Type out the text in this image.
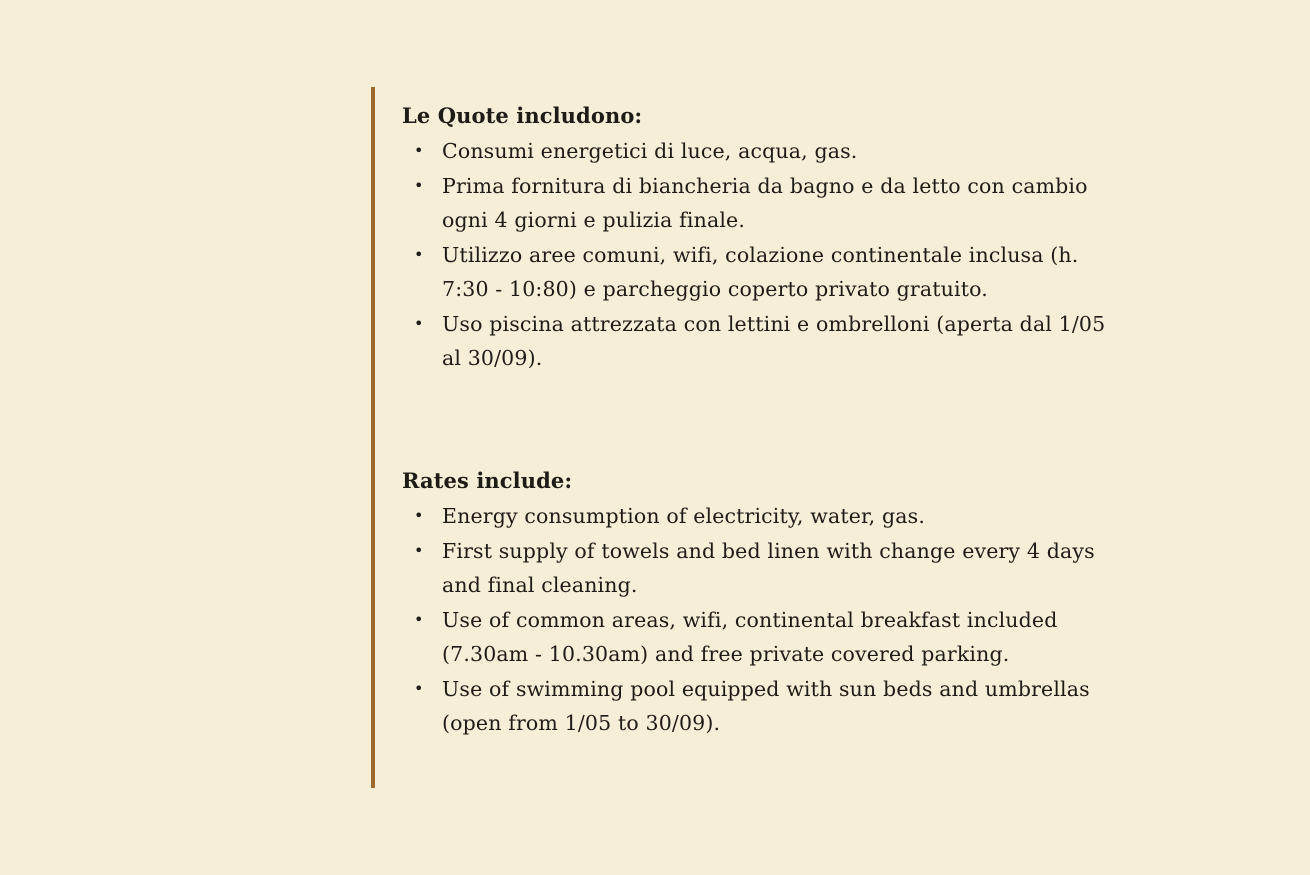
Le Quote includono:
• Consumi energetici di luce, acqua, gas.
• Prima fornitura di biancheria da bagno e da letto con cambio ogni 4 giorni e pulizia finale.
• Utilizzo aree comuni, wifi, colazione continentale inclusa (h. 7:30 - 10:80) e parcheggio coperto privato gratuito.
• Uso piscina attrezzata con lettini e ombrelloni (aperta dal 1/05 al 30/09).
Rates include:
• Energy consumption of electricity, water, gas.
• First supply of towels and bed linen with change every 4 days and final cleaning.
• Use of common areas, wifi, continental breakfast included (7.30am - 10.30am) and free private covered parking.
• Use of swimming pool equipped with sun beds and umbrellas (open from 1/05 to 30/09).
